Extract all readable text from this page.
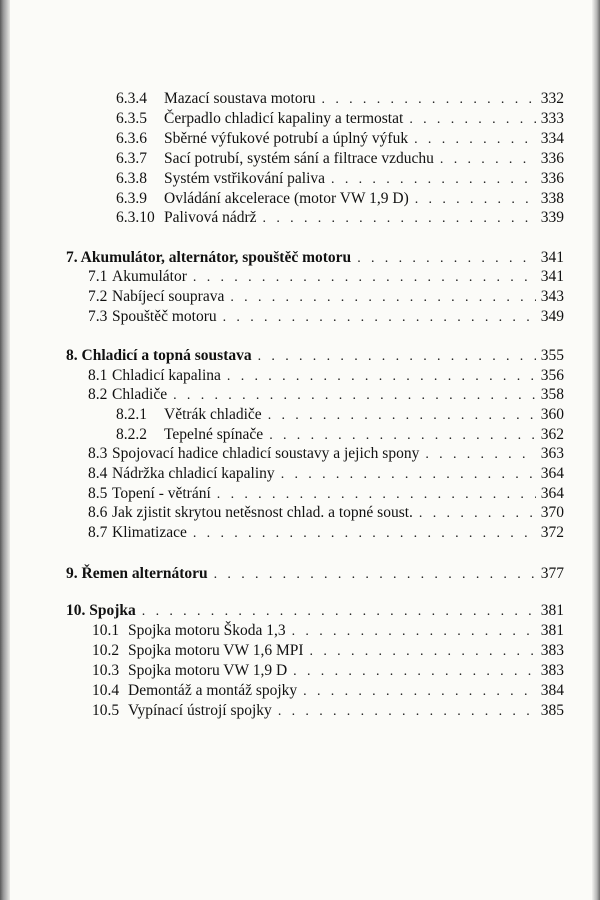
6.3.4	Mazací soustava motoru . . .	332
6.3.5	Čerpadlo chladicí kapaliny a termostat . . .	333
6.3.6	Sběrné výfukové potrubí a úplný výfuk . . .	334
6.3.7	Sací potrubí, systém sání a filtrace vzduchu . . .	336
6.3.8	Systém vstřikování paliva . . .	336
6.3.9	Ovládání akcelerace (motor VW 1,9 D) . . .	338
6.3.10 Palivová nádrž . . .	339
7. Akumulátor, alternátor, spouštěč motoru . . .	341
7.1 Akumulátor . . .	341
7.2 Nabíjecí souprava . . .	343
7.3 Spouštěč motoru . . .	349
8. Chladicí a topná soustava . . .	355
8.1 Chladicí kapalina . . .	356
8.2 Chladiče . . .	358
8.2.1	Větrák chladiče . . .	360
8.2.2	Tepelné spínače . . .	362
8.3 Spojovací hadice chladicí soustavy a jejich spony . . .	363
8.4 Nádržka chladicí kapaliny . . .	364
8.5 Topení - větrání . . .	364
8.6 Jak zjistit skrytou netěsnost chlad. a topné soust. . . .	370
8.7 Klimatizace . . .	372
9. Řemen alternátoru . . .	377
10. Spojka . . .	381
10.1 Spojka motoru Škoda 1,3 . . .	381
10.2 Spojka motoru VW 1,6 MPI . . .	383
10.3 Spojka motoru VW 1,9 D . . .	383
10.4 Demontáž a montáž spojky . . .	384
10.5 Vypínací ústrojí spojky . . .	385
